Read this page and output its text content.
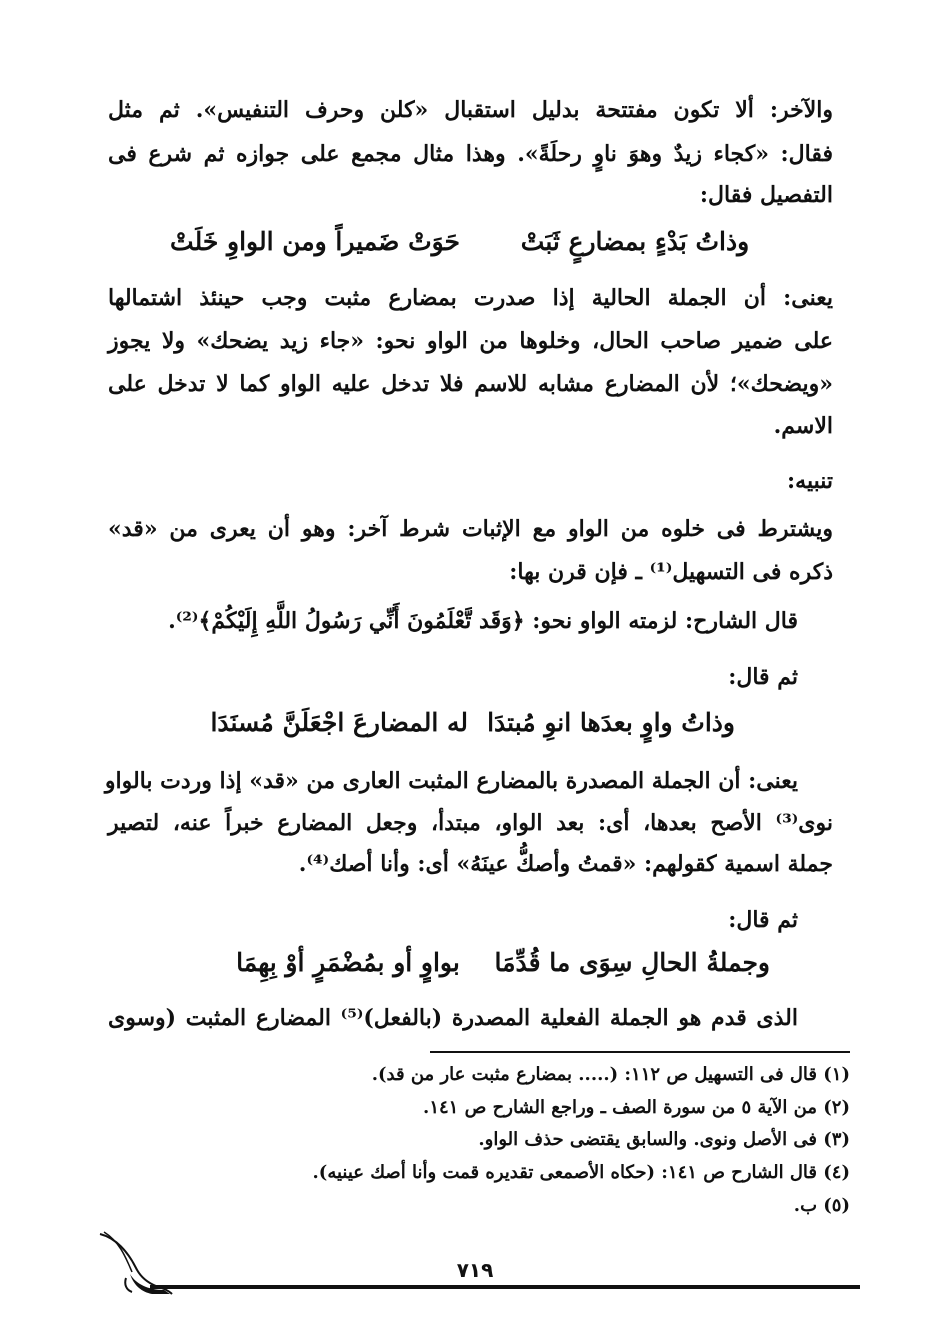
والآخر: ألا تكون مفتتحة بدليل استقبال «كلن وحرف التنفيس». ثم مثل
فقال: «كجاء زيدٌ وهوَ ناوٍ رحلَةً». وهذا مثال مجمع على جوازه ثم شرع فى
التفصيل فقال:
وذاتُ بَدْءٍ بمضارعٍ ثَبَتْ
حَوَتْ ضَميراً ومن الواوِ خَلَتْ
يعنى: أن الجملة الحالية إذا صدرت بمضارع مثبت وجب حينئذ اشتمالها
على ضمير صاحب الحال، وخلوها من الواو نحو: «جاء زيد يضحك» ولا يجوز
«ويضحك»؛ لأن المضارع مشابه للاسم فلا تدخل عليه الواو كما لا تدخل على
الاسم.
تنبيه:
ويشترط فى خلوه من الواو مع الإثبات شرط آخر: وهو أن يعرى من «قد»
ذكره فى التسهيل⁽¹⁾ ـ فإن قرن بها:
قال الشارح: لزمته الواو نحو: ﴿وَقَد تَّعْلَمُونَ أَنِّي رَسُولُ اللَّهِ إِلَيْكُمْ﴾⁽²⁾.
ثم قال:
وذاتُ واوٍ بعدَها انوِ مُبتدَا
له المضارعَ اجْعَلَنَّ مُسنَدَا
يعنى: أن الجملة المصدرة بالمضارع المثبت العارى من «قد» إذا وردت بالواو
نوى⁽³⁾ الأصح بعدها، أى: بعد الواو، مبتدأ، وجعل المضارع خبراً عنه، لتصير
جملة اسمية كقولهم: «قمتُ وأصكُّ عينَهُ» أى: وأنا أصك⁽⁴⁾.
ثم قال:
وجملةُ الحالِ سِوَى ما قُدِّمَا
بواوٍ أو بمُضْمَرٍ أوْ بِهِمَا
الذى قدم هو الجملة الفعلية المصدرة (بالفعل)⁽⁵⁾ المضارع المثبت (وسوى
(١) قال فى التسهيل ص ١١٢: (..... بمضارع مثبت عار من قد).
(٢) من الآية ٥ من سورة الصف ـ وراجع الشارح ص ١٤١.
(٣) فى الأصل ونوى. والسابق يقتضى حذف الواو.
(٤) قال الشارح ص ١٤١: (حكاه الأصمعى تقديره قمت وأنا أصك عينيه).
(٥) ب.
٧١٩
